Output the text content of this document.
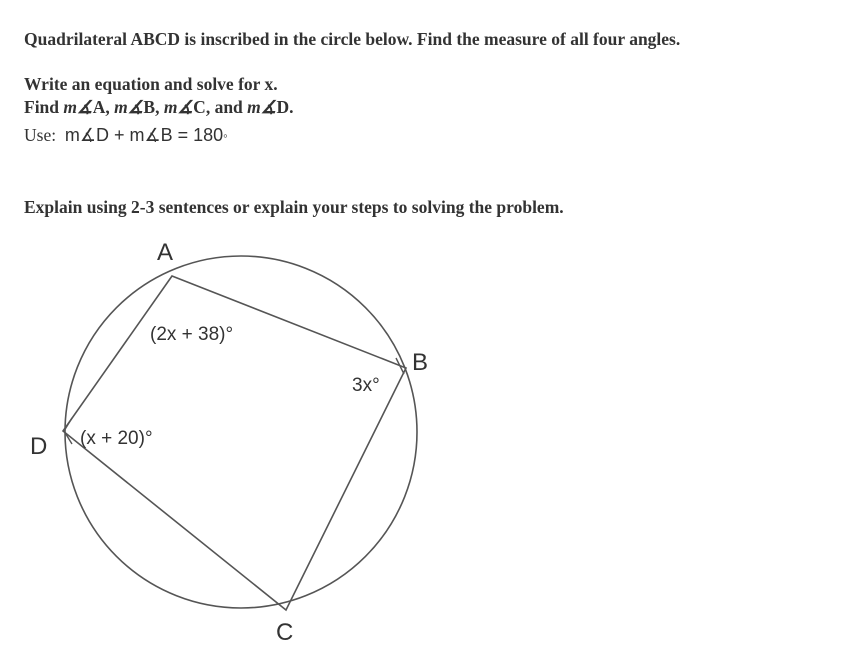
Quadrilateral ABCD is inscribed in the circle below. Find the measure of all four angles.
Write an equation and solve for x.
Find m∡A, m∡B, m∡C, and m∡D.
Use: m∡D + m∡B = 180◦
Explain using 2-3 sentences or explain your steps to solving the problem.
A
B
C
D
(2x + 38)°
3x°
(x + 20)°
